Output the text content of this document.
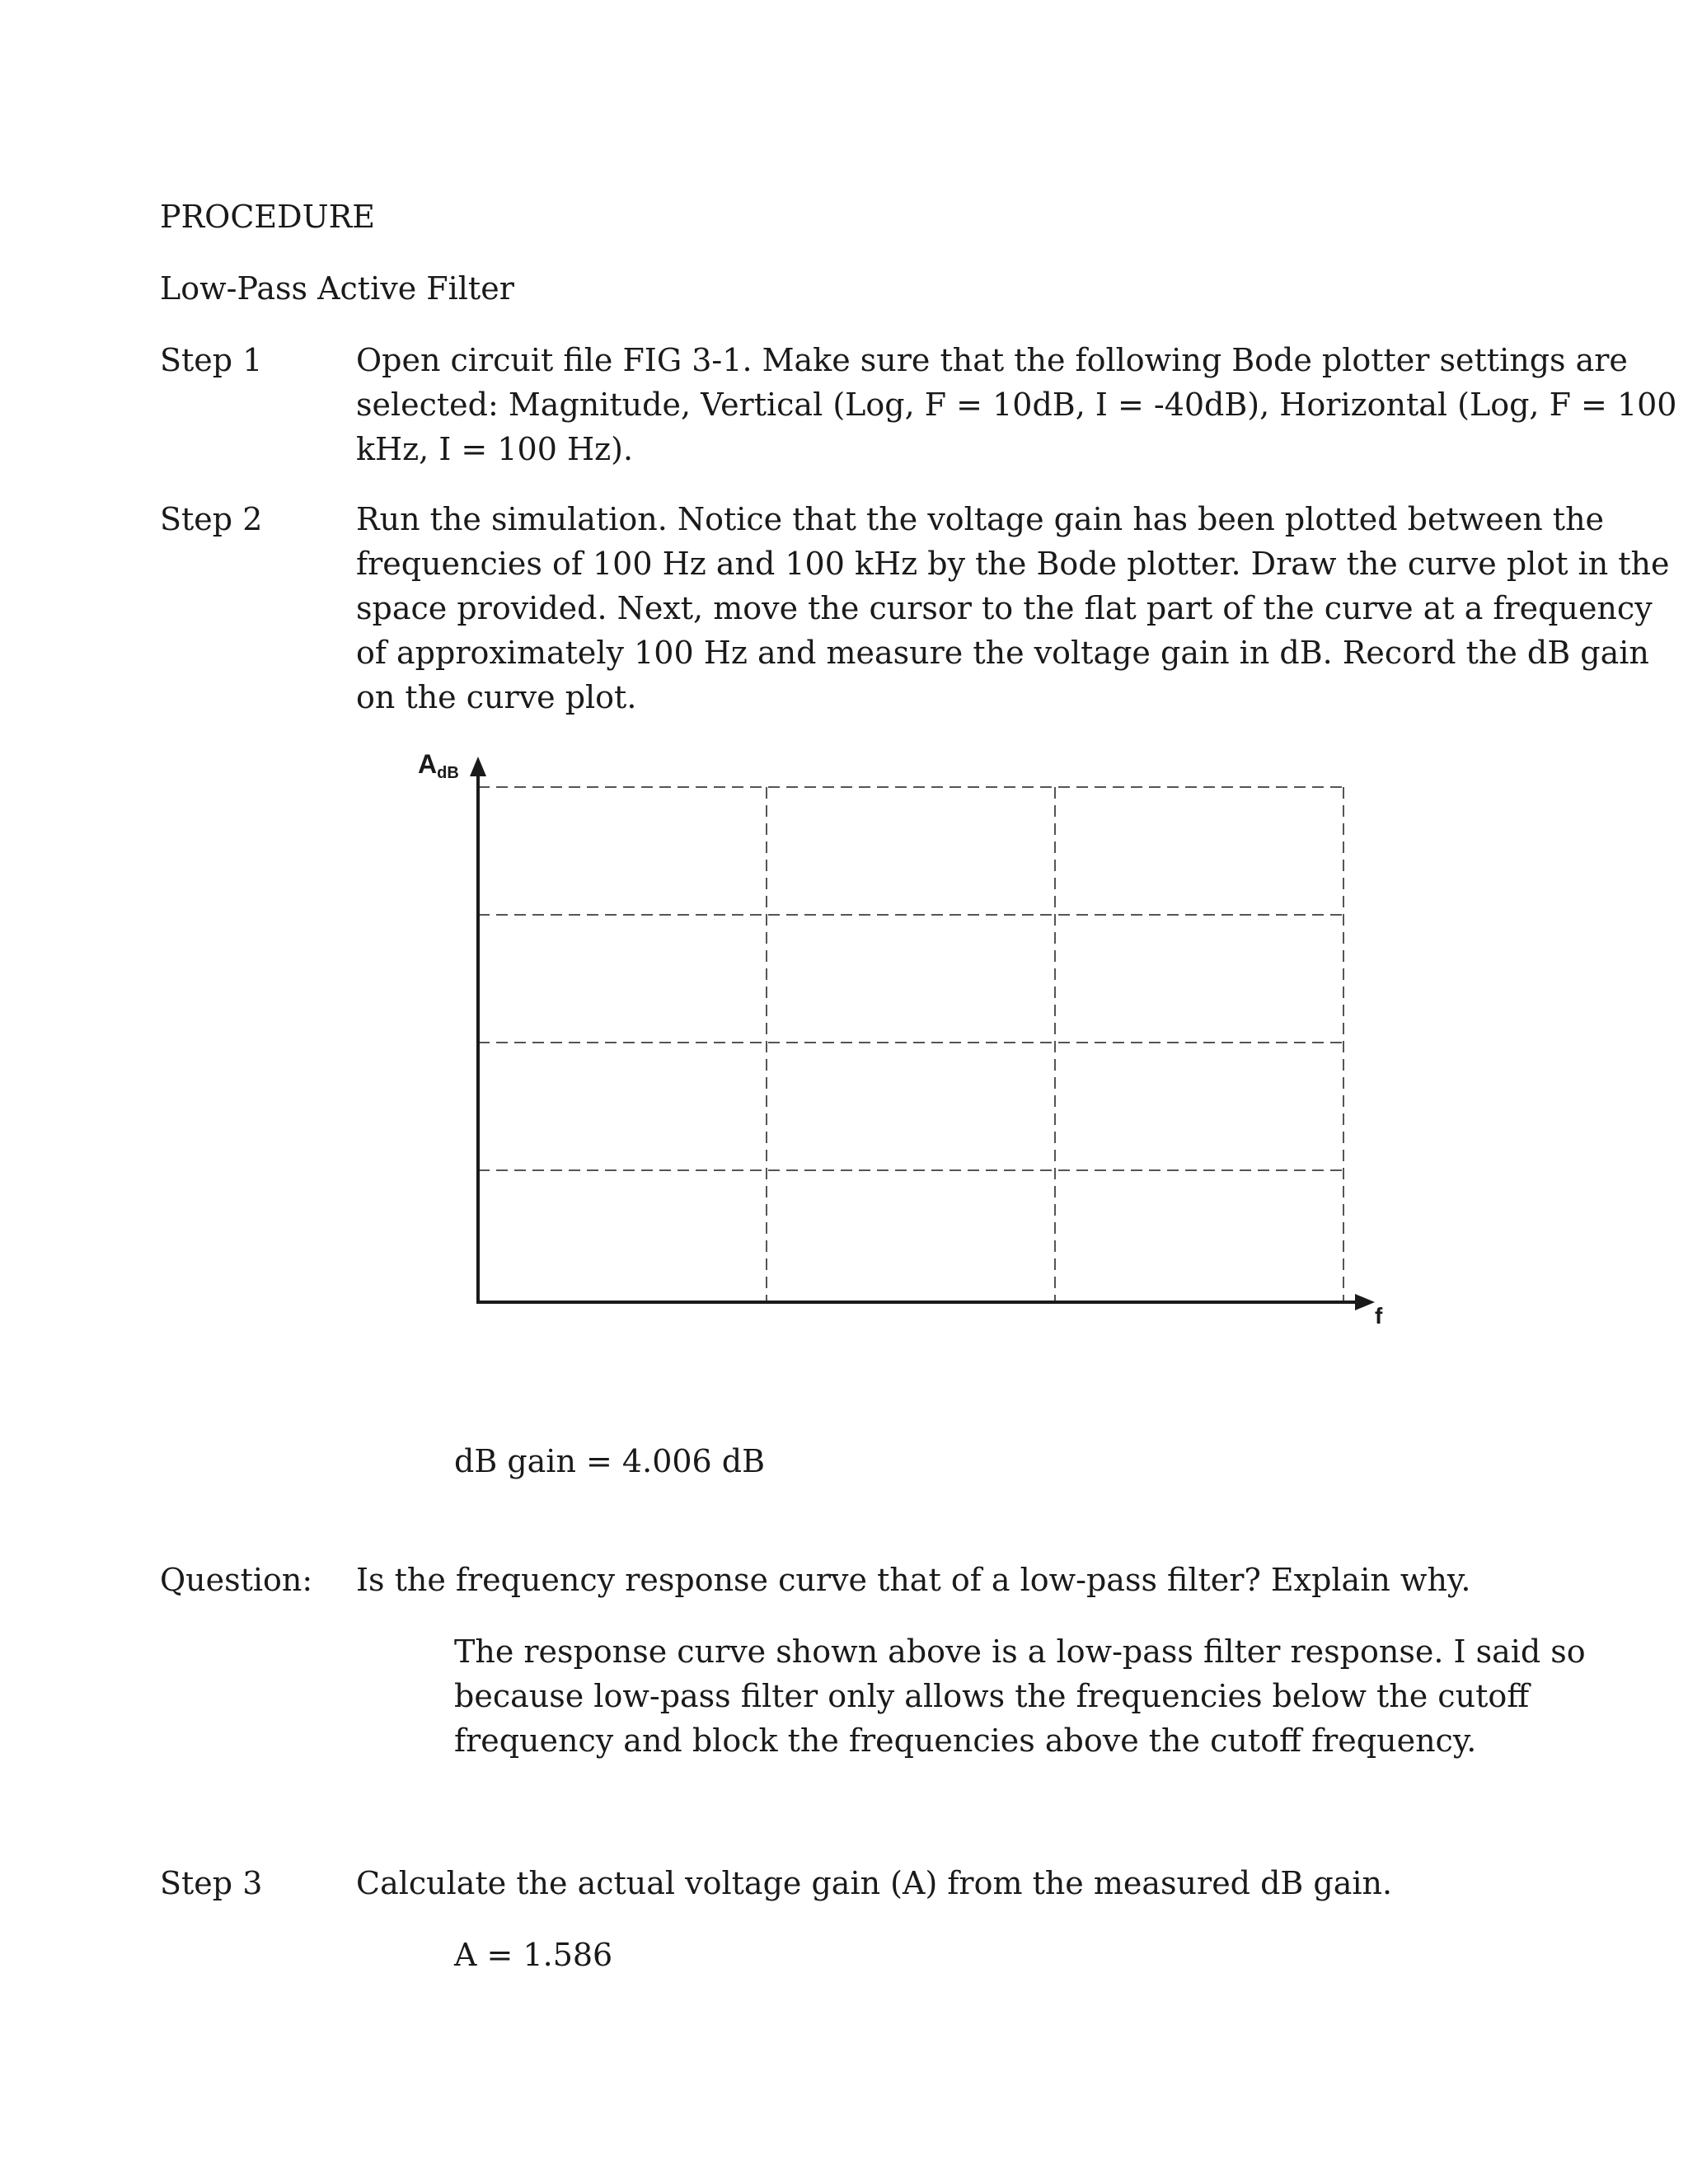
PROCEDURE
Low-Pass Active Filter
Step 1	Open circuit file FIG 3-1. Make sure that the following Bode plotter settings are
selected: Magnitude, Vertical (Log, F = 10dB, I = -40dB), Horizontal (Log, F = 100
kHz, I = 100 Hz).
Step 2	Run the simulation. Notice that the voltage gain has been plotted between the
frequencies of 100 Hz and 100 kHz by the Bode plotter. Draw the curve plot in the
space provided. Next, move the cursor to the flat part of the curve at a frequency
of approximately 100 Hz and measure the voltage gain in dB. Record the dB gain
on the curve plot.
AdB
f
dB gain = 4.006 dB
Question: Is the frequency response curve that of a low-pass filter? Explain why.
The response curve shown above is a low-pass filter response. I said so
because low-pass filter only allows the frequencies below the cutoff
frequency and block the frequencies above the cutoff frequency.
Step 3	Calculate the actual voltage gain (A) from the measured dB gain.
A = 1.586
